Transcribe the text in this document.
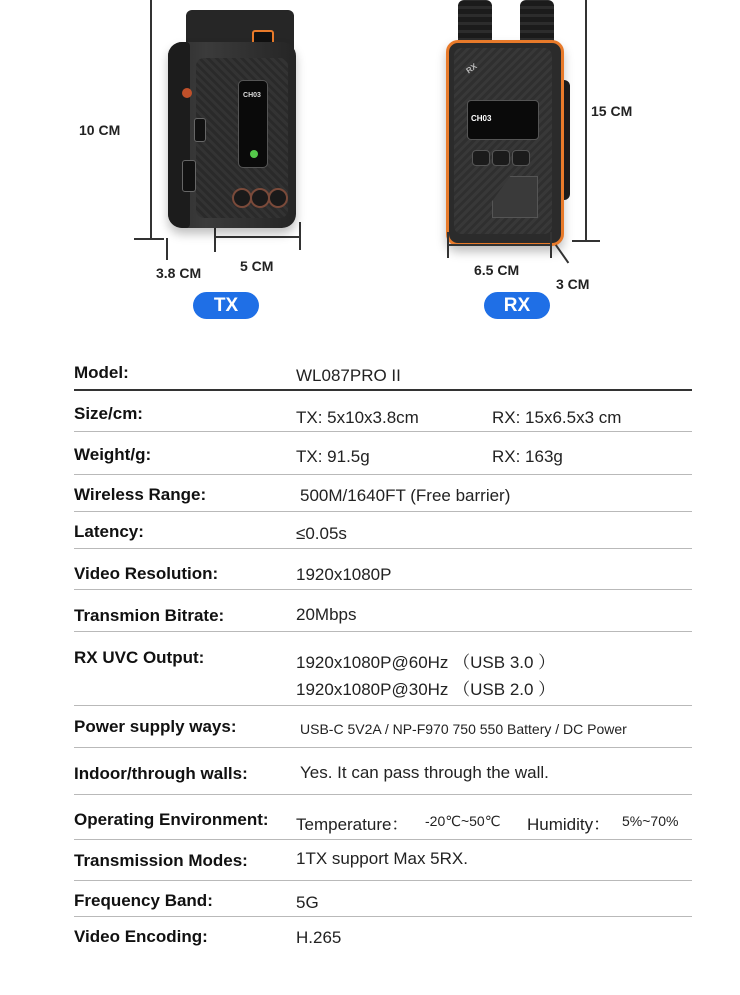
10 CM
3.8 CM	5 CM
CH03
TX
RX
CH03	15 CM
6.5 CM
3 CM
RX
Model:	WL087PRO II
Size/cm:	TX: 5x10x3.8cm	RX: 15x6.5x3 cm
Weight/g:	TX: 91.5g	RX: 163g
Wireless Range:	500M/1640FT (Free barrier)
Latency:	≤0.05s
Video Resolution:	1920x1080P
Transmion Bitrate:	20Mbps
RX UVC Output:	1920x1080P@60Hz （USB 3.0 ）
1920x1080P@30Hz （USB 2.0 ）
Power supply ways:	USB-C 5V2A / NP-F970 750 550 Battery / DC Power
Indoor/through walls:	Yes. It can pass through the wall.
Operating Environment: Temperature： -20℃~50℃ Humidity： 5%~70%
Transmission Modes:	1TX support Max 5RX.
Frequency Band:	5G
Video Encoding:	H.265
